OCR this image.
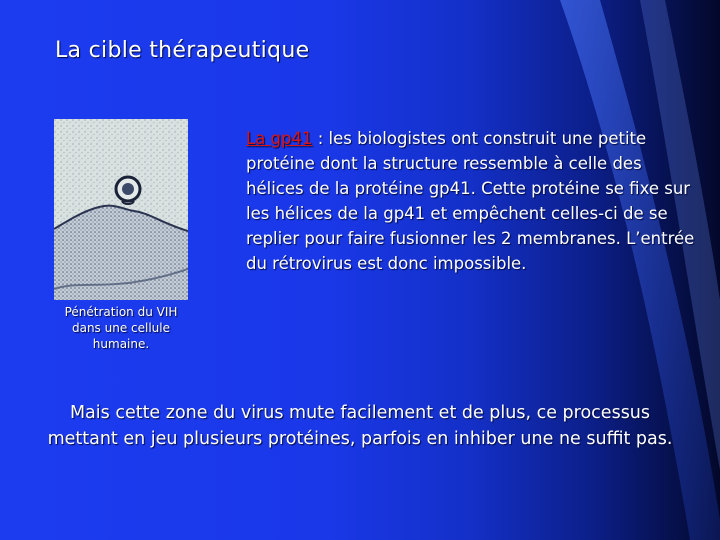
La cible thérapeutique
Pénétration du VIH dans une cellule humaine.
La gp41 : les biologistes ont construit une petite protéine dont la structure ressemble à celle des hélices de la protéine gp41. Cette protéine se fixe sur les hélices de la gp41 et empêchent celles-ci de se replier pour faire fusionner les 2 membranes. L’entrée du rétrovirus est donc impossible.
Mais cette zone du virus mute facilement et de plus, ce processus mettant en jeu plusieurs protéines, parfois en inhiber une ne suffit pas.
